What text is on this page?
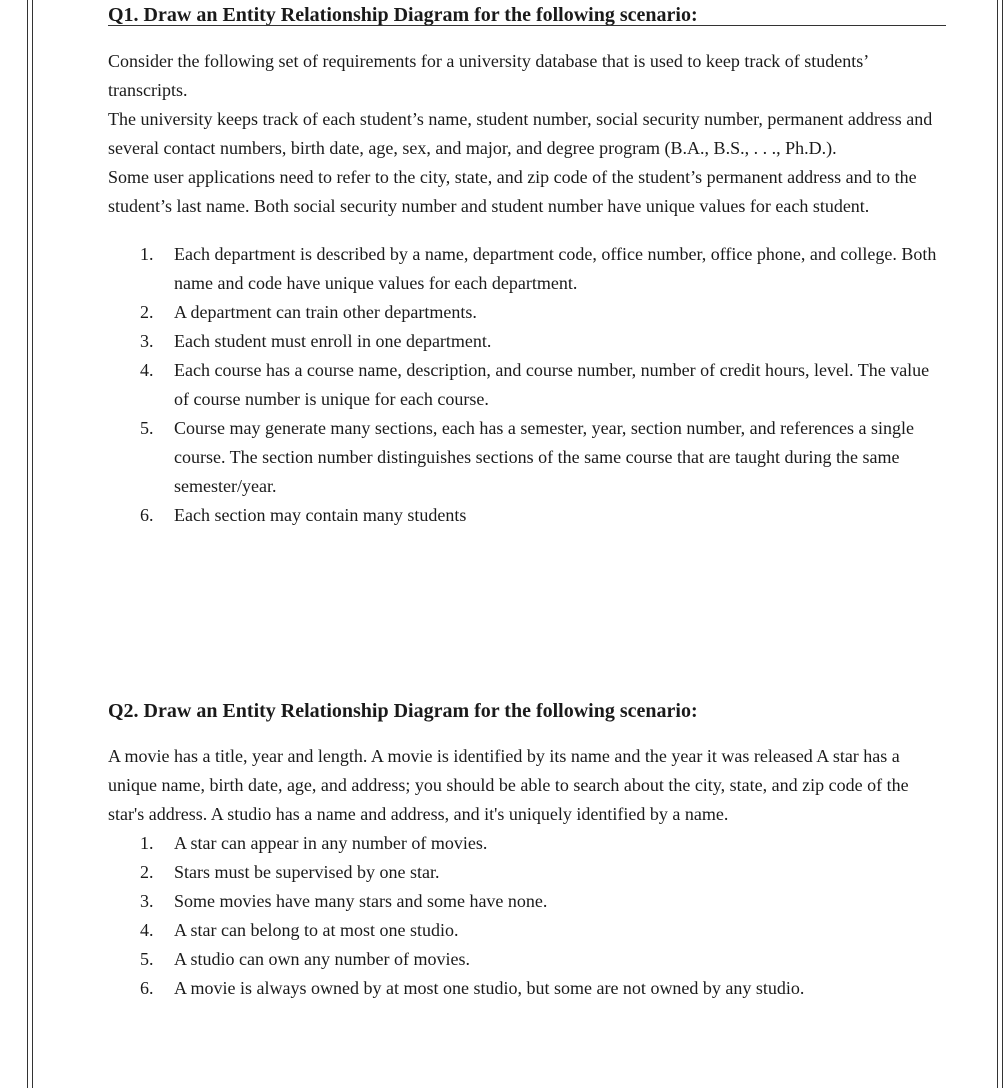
Q1. Draw an Entity Relationship Diagram for the following scenario:

Consider the following set of requirements for a university database that is used to keep track of students’ transcripts.

The university keeps track of each student’s name, student number, social security number, permanent address and several contact numbers, birth date, age, sex, and major, and degree program (B.A., B.S., . . ., Ph.D.).

Some user applications need to refer to the city, state, and zip code of the student’s permanent address and to the student’s last name. Both social security number and student number have unique values for each student.

1. Each department is described by a name, department code, office number, office phone, and college. Both name and code have unique values for each department.
2. A department can train other departments.
3. Each student must enroll in one department.
4. Each course has a course name, description, and course number, number of credit hours, level. The value of course number is unique for each course.
5. Course may generate many sections, each has a semester, year, section number, and references a single course. The section number distinguishes sections of the same course that are taught during the same semester/year.
6. Each section may contain many students
Q2. Draw an Entity Relationship Diagram for the following scenario:

A movie has a title, year and length. A movie is identified by its name and the year it was released A star has a unique name, birth date, age, and address; you should be able to search about the city, state, and zip code of the star's address. A studio has a name and address, and it's uniquely identified by a name.

1. A star can appear in any number of movies.
2. Stars must be supervised by one star.
3. Some movies have many stars and some have none.
4. A star can belong to at most one studio.
5. A studio can own any number of movies.
6. A movie is always owned by at most one studio, but some are not owned by any studio.
